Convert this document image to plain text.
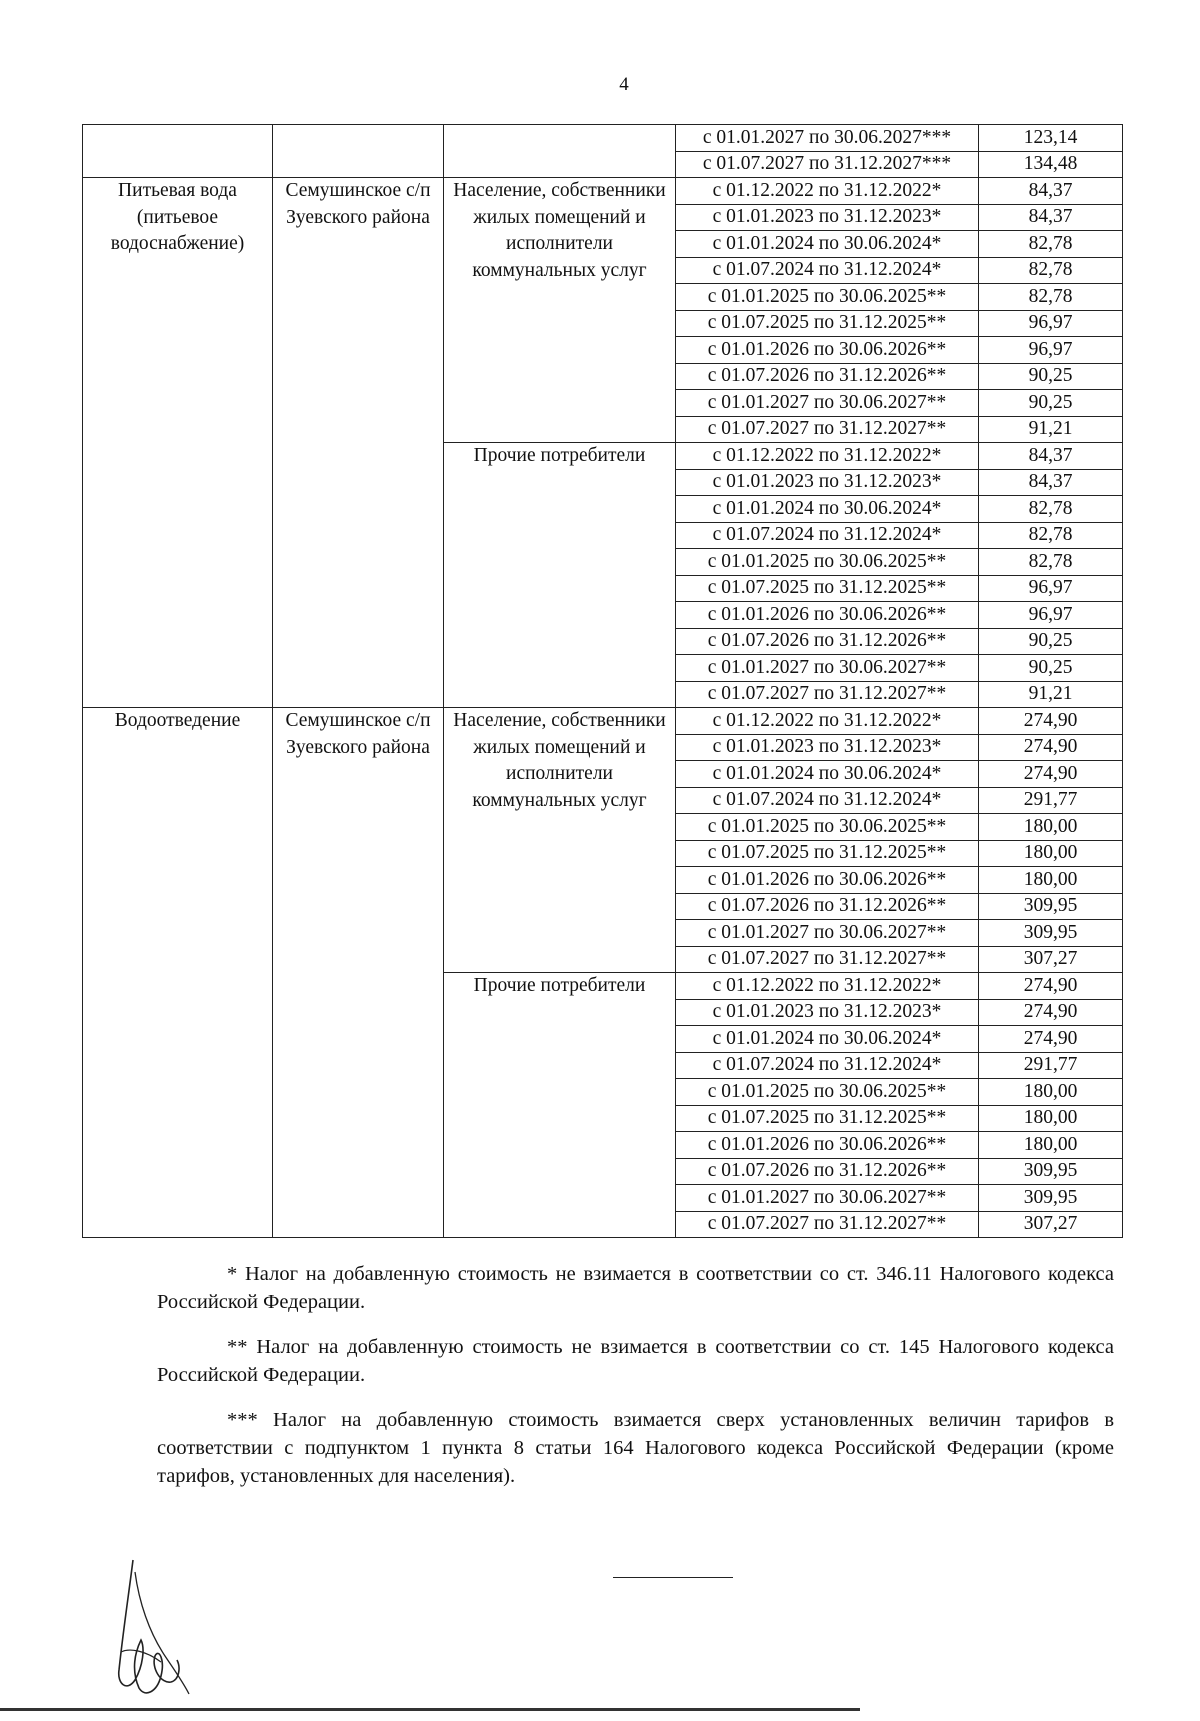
4
			с 01.01.2027 по 30.06.2027***	123,14
			с 01.07.2027 по 31.12.2027***	134,48
Питьевая вода (питьевое водоснабжение)	Семушинское с/п Зуевского района	Население, собственники жилых помещений и исполнители коммунальных услуг	с 01.12.2022 по 31.12.2022*	84,37
			с 01.01.2023 по 31.12.2023*	84,37
			с 01.01.2024 по 30.06.2024*	82,78
			с 01.07.2024 по 31.12.2024*	82,78
			с 01.01.2025 по 30.06.2025**	82,78
			с 01.07.2025 по 31.12.2025**	96,97
			с 01.01.2026 по 30.06.2026**	96,97
			с 01.07.2026 по 31.12.2026**	90,25
			с 01.01.2027 по 30.06.2027**	90,25
			с 01.07.2027 по 31.12.2027**	91,21
		Прочие потребители	с 01.12.2022 по 31.12.2022*	84,37
			с 01.01.2023 по 31.12.2023*	84,37
			с 01.01.2024 по 30.06.2024*	82,78
			с 01.07.2024 по 31.12.2024*	82,78
			с 01.01.2025 по 30.06.2025**	82,78
			с 01.07.2025 по 31.12.2025**	96,97
			с 01.01.2026 по 30.06.2026**	96,97
			с 01.07.2026 по 31.12.2026**	90,25
			с 01.01.2027 по 30.06.2027**	90,25
			с 01.07.2027 по 31.12.2027**	91,21
Водоотведение	Семушинское с/п Зуевского района	Население, собственники жилых помещений и исполнители коммунальных услуг	с 01.12.2022 по 31.12.2022*	274,90
			с 01.01.2023 по 31.12.2023*	274,90
			с 01.01.2024 по 30.06.2024*	274,90
			с 01.07.2024 по 31.12.2024*	291,77
			с 01.01.2025 по 30.06.2025**	180,00
			с 01.07.2025 по 31.12.2025**	180,00
			с 01.01.2026 по 30.06.2026**	180,00
			с 01.07.2026 по 31.12.2026**	309,95
			с 01.01.2027 по 30.06.2027**	309,95
			с 01.07.2027 по 31.12.2027**	307,27
		Прочие потребители	с 01.12.2022 по 31.12.2022*	274,90
			с 01.01.2023 по 31.12.2023*	274,90
			с 01.01.2024 по 30.06.2024*	274,90
			с 01.07.2024 по 31.12.2024*	291,77
			с 01.01.2025 по 30.06.2025**	180,00
			с 01.07.2025 по 31.12.2025**	180,00
			с 01.01.2026 по 30.06.2026**	180,00
			с 01.07.2026 по 31.12.2026**	309,95
			с 01.01.2027 по 30.06.2027**	309,95
			с 01.07.2027 по 31.12.2027**	307,27

* Налог на добавленную стоимость не взимается в соответствии со ст. 346.11 Налогового кодекса Российской Федерации.

** Налог на добавленную стоимость не взимается в соответствии со ст. 145 Налогового кодекса Российской Федерации.

*** Налог на добавленную стоимость взимается сверх установленных величин тарифов в соответствии с подпунктом 1 пункта 8 статьи 164 Налогового кодекса Российской Федерации (кроме тарифов, установленных для населения).
